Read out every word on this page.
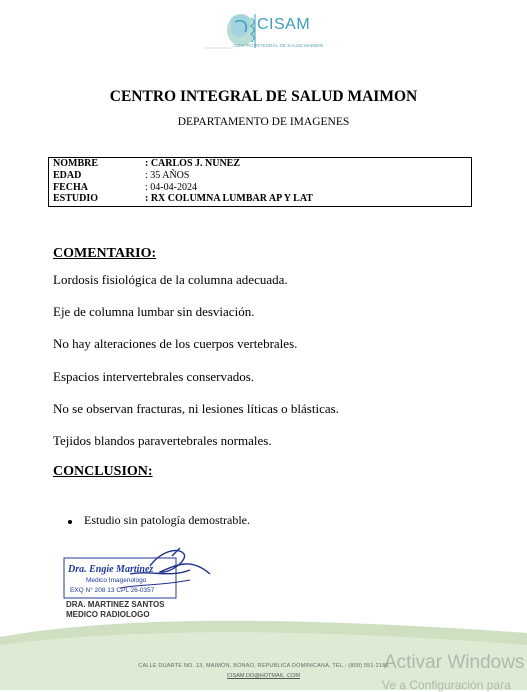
CISAM
CENTRO INTEGRAL DE SALUD MAIMON
CENTRO INTEGRAL DE SALUD MAIMON
DEPARTAMENTO DE IMAGENES
NOMBRE	: CARLOS J. NUNEZ
EDAD	: 35 AÑOS
FECHA	: 04-04-2024
ESTUDIO	: RX COLUMNA LUMBAR AP Y LAT
COMENTARIO:
Lordosis fisiológica de la columna adecuada.
Eje de columna lumbar sin desviación.
No hay alteraciones de los cuerpos vertebrales.
Espacios intervertebrales conservados.
No se observan fracturas, ni lesiones líticas o blásticas.
Tejidos blandos paravertebrales normales.
CONCLUSION:
Estudio sin patología demostrable.
Dra. Engie Martinez
Medico Imagenologo
EXQ N° 208 13 CPL 26-0357
DRA. MARTINEZ SANTOS
MEDICO RADIOLOGO
CALLE DUARTE NO. 13, MAIMÓN, BONAO, REPUBLICA DOMINICANA, TEL.: (809) 551-2186
CISAM.DO@HOTMAIL .COM
Activar Windows
Ve a Configuración para
